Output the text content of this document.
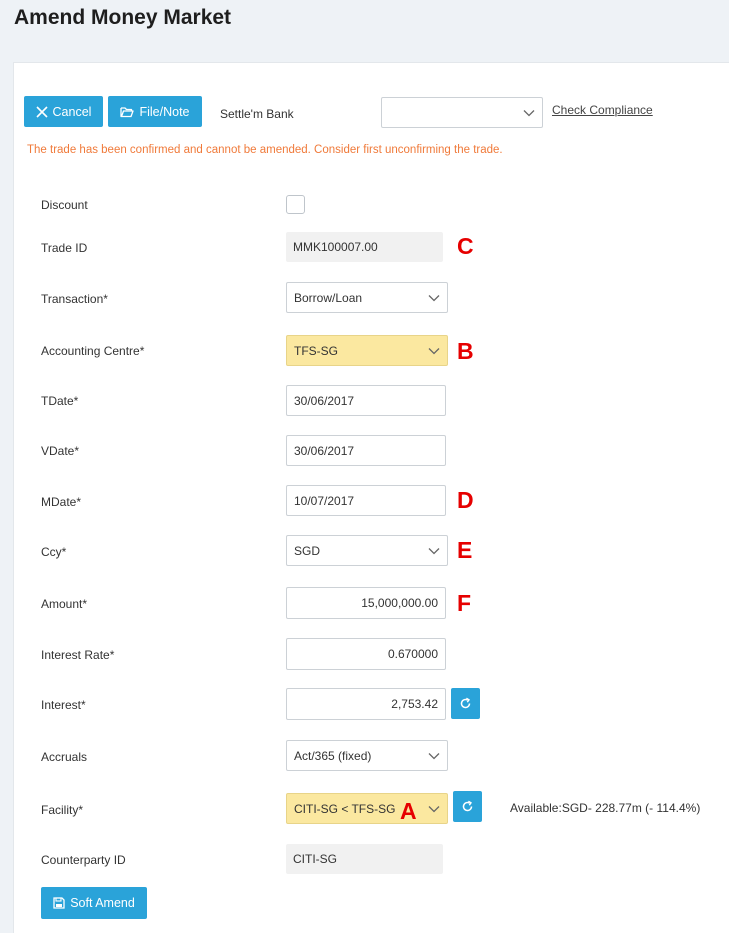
Amend Money Market
Cancel	File/Note	Settle'm Bank	Check Compliance
The trade has been confirmed and cannot be amended. Consider first unconfirming the trade.
Discount
Trade ID	MMK100007.00	C
Transaction*	Borrow/Loan
Accounting Centre*	TFS-SG	B
TDate*	30/06/2017
VDate*	30/06/2017
MDate*	10/07/2017	D
Ccy*	SGD	E
Amount*	15,000,000.00 F
Interest Rate*	0.670000
Interest*	2,753.42
Accruals	Act/365 (fixed)
Facility*	CITI-SG < TFS-SG A	Available:SGD- 228.77m (- 114.4%)
Counterparty ID	CITI-SG
Soft Amend
